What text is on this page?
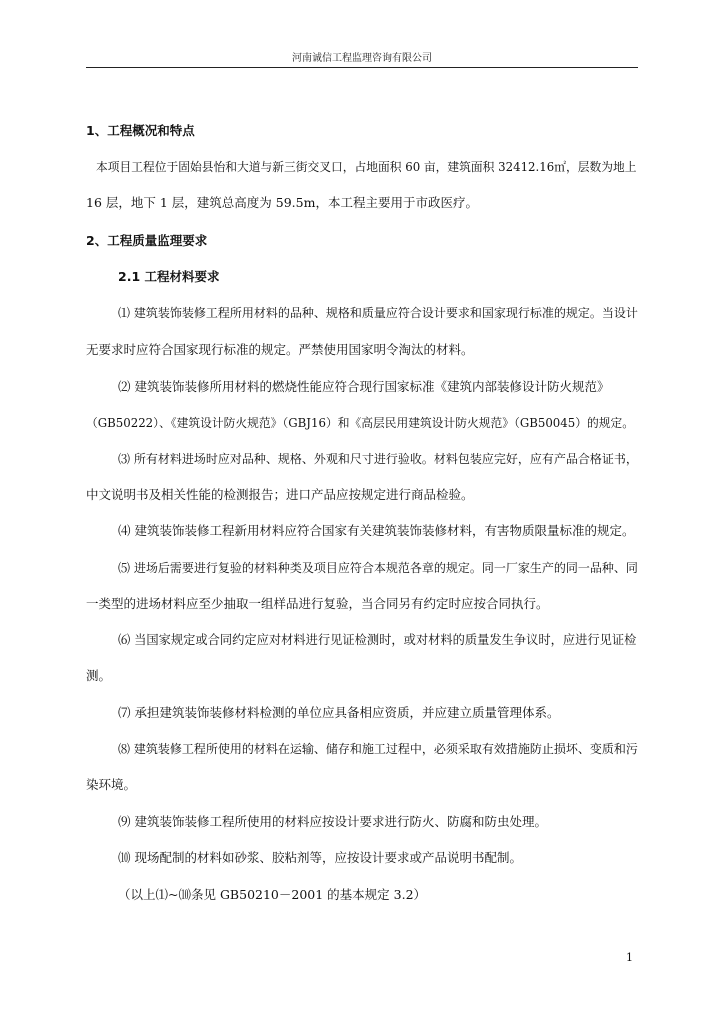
河南诚信工程监理咨询有限公司
1、工程概况和特点
本项目工程位于固始县怡和大道与新三街交叉口，占地面积 60 亩，建筑面积 32412.16㎡，层数为地上
16 层，地下 1 层，建筑总高度为 59.5m，本工程主要用于市政医疗。
2、工程质量监理要求
2.1 工程材料要求
⑴ 建筑装饰装修工程所用材料的品种、规格和质量应符合设计要求和国家现行标准的规定。当设计
无要求时应符合国家现行标准的规定。严禁使用国家明令淘汰的材料。
⑵ 建筑装饰装修所用材料的燃烧性能应符合现行国家标准《建筑内部装修设计防火规范》
（GB50222）、《建筑设计防火规范》（GBJ16）和《高层民用建筑设计防火规范》（GB50045）的规定。
⑶ 所有材料进场时应对品种、规格、外观和尺寸进行验收。材料包装应完好，应有产品合格证书，
中文说明书及相关性能的检测报告；进口产品应按规定进行商品检验。
⑷ 建筑装饰装修工程新用材料应符合国家有关建筑装饰装修材料，有害物质限量标准的规定。
⑸ 进场后需要进行复验的材料种类及项目应符合本规范各章的规定。同一厂家生产的同一品种、同
一类型的进场材料应至少抽取一组样品进行复验，当合同另有约定时应按合同执行。
⑹ 当国家规定或合同约定应对材料进行见证检测时，或对材料的质量发生争议时，应进行见证检
测。
⑺ 承担建筑装饰装修材料检测的单位应具备相应资质，并应建立质量管理体系。
⑻ 建筑装修工程所使用的材料在运输、储存和施工过程中，必须采取有效措施防止损坏、变质和污
染环境。
⑼ 建筑装饰装修工程所使用的材料应按设计要求进行防火、防腐和防虫处理。
⑽ 现场配制的材料如砂浆、胶粘剂等，应按设计要求或产品说明书配制。
（以上⑴~⑽条见 GB50210－2001 的基本规定 3.2）
1
